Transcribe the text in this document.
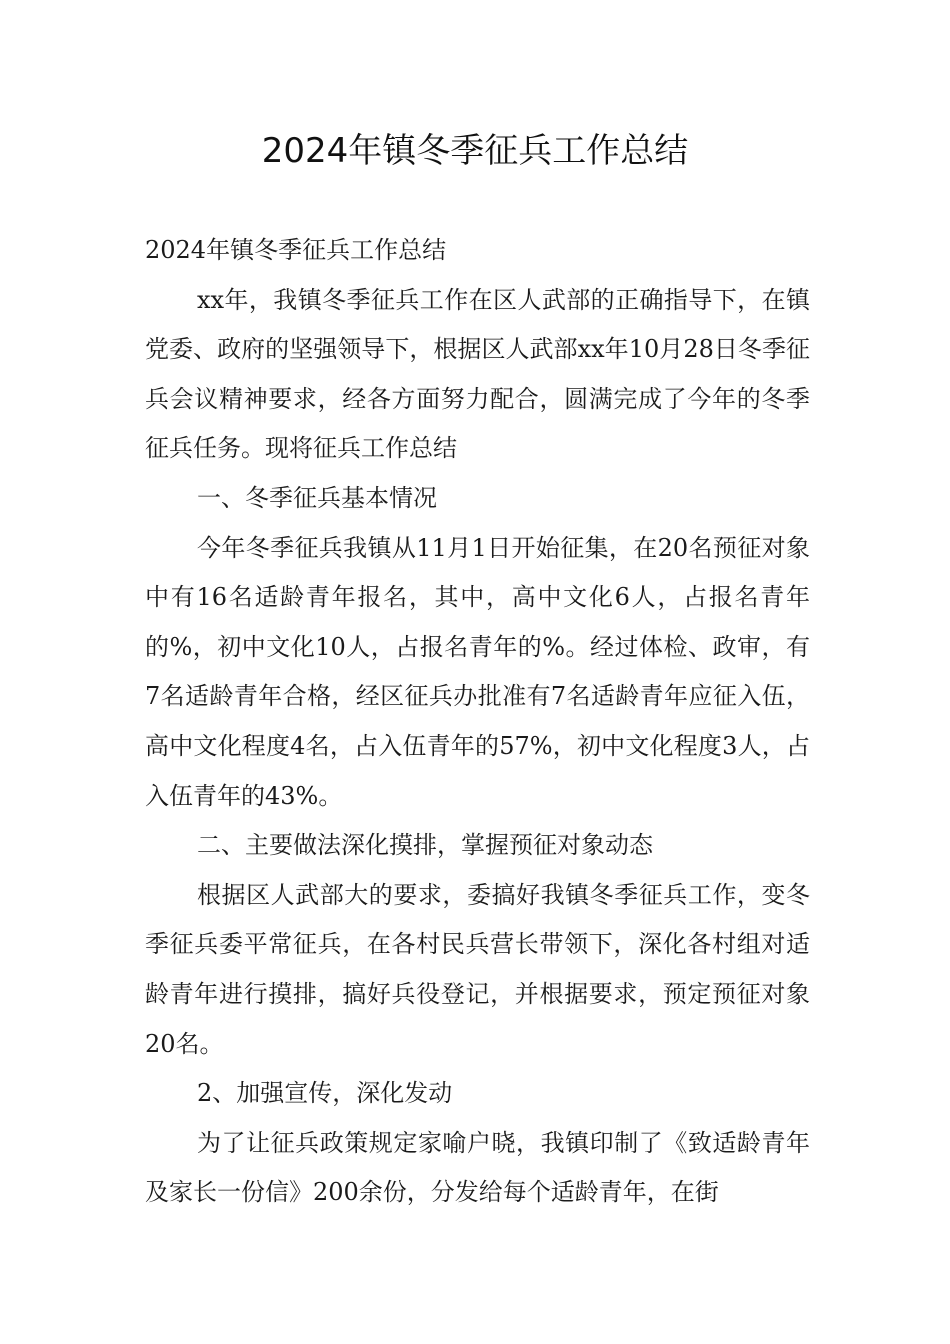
2024年镇冬季征兵工作总结

2024年镇冬季征兵工作总结

xx年，我镇冬季征兵工作在区人武部的正确指导下，在镇党委、政府的坚强领导下，根据区人武部xx年10月28日冬季征兵会议精神要求，经各方面努力配合，圆满完成了今年的冬季征兵任务。现将征兵工作总结

一、冬季征兵基本情况

今年冬季征兵我镇从11月1日开始征集，在20名预征对象中有16名适龄青年报名，其中，高中文化6人，占报名青年的%，初中文化10人，占报名青年的%。经过体检、政审，有7名适龄青年合格，经区征兵办批准有7名适龄青年应征入伍，高中文化程度4名，占入伍青年的57%，初中文化程度3人，占入伍青年的43%。

二、主要做法深化摸排，掌握预征对象动态

根据区人武部大的要求，委搞好我镇冬季征兵工作，变冬季征兵委平常征兵，在各村民兵营长带领下，深化各村组对适龄青年进行摸排，搞好兵役登记，并根据要求，预定预征对象20名。

2、加强宣传，深化发动

为了让征兵政策规定家喻户晓，我镇印制了《致适龄青年及家长一份信》200余份，分发给每个适龄青年，在街
